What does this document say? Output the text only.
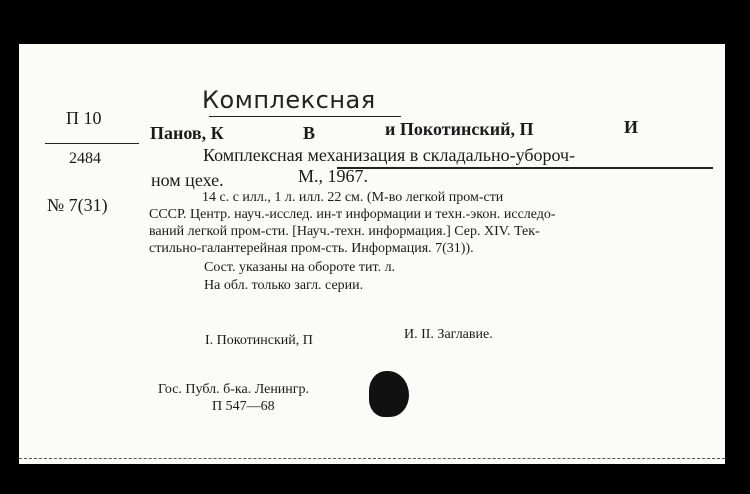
Комплексная
П 10
2484
№ 7(31)
Панов, К	В	и Покотинский, П	И
Комплексная механизация в складально-убороч-
ном цехе.	М., 1967.
14 с. с илл., 1 л. илл. 22 см. (М-во легкой пром-сти
СССР. Центр. науч.-исслед. ин-т информации и техн.-экон. исследо-
ваний легкой пром-сти. [Науч.-техн. информация.] Сер. XIV. Тек-
стильно-галантерейная пром-сть. Информация. 7(31)).
Сост. указаны на обороте тит. л.
На обл. только загл. серии.
I. Покотинский, П	И. II. Заглавие.
Гос. Публ. б-ка. Ленингр.
П 547—68
